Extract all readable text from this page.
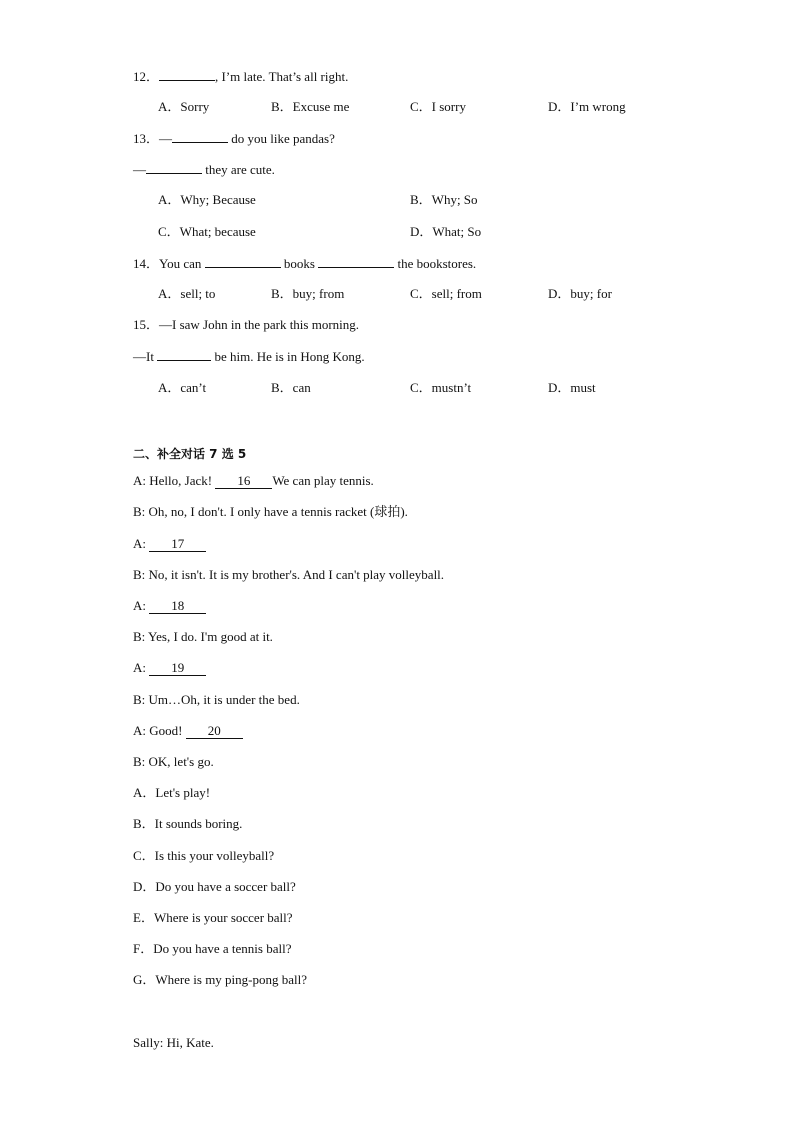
12．	, I’m late. That’s all right.
A．Sorry	B．Excuse me	C．I sorry	D．I’m wrong
13．—	do you like pandas?
—	they are cute.
A．Why; Because	B．Why; So
C．What; because	D．What; So
14．You can	books	the bookstores.
A．sell; to	B．buy; from	C．sell; from	D．buy; for
15．—I saw John in the park this morning.
—It	be him. He is in Hong Kong.
A．can’t	B．can	C．mustn’t	D．must
二、补全对话 7 选 5
A: Hello, Jack! 16 We can play tennis.
B: Oh, no, I don't. I only have a tennis racket (球拍).
A: 17
B: No, it isn't. It is my brother's. And I can't play volleyball.
A: 18
B: Yes, I do. I'm good at it.
A: 19
B: Um…Oh, it is under the bed.
A: Good! 20
B: OK, let's go.
A．Let's play!
B．It sounds boring.
C．Is this your volleyball?
D．Do you have a soccer ball?
E．Where is your soccer ball?
F．Do you have a tennis ball?
G．Where is my ping-pong ball?
Sally: Hi, Kate.
